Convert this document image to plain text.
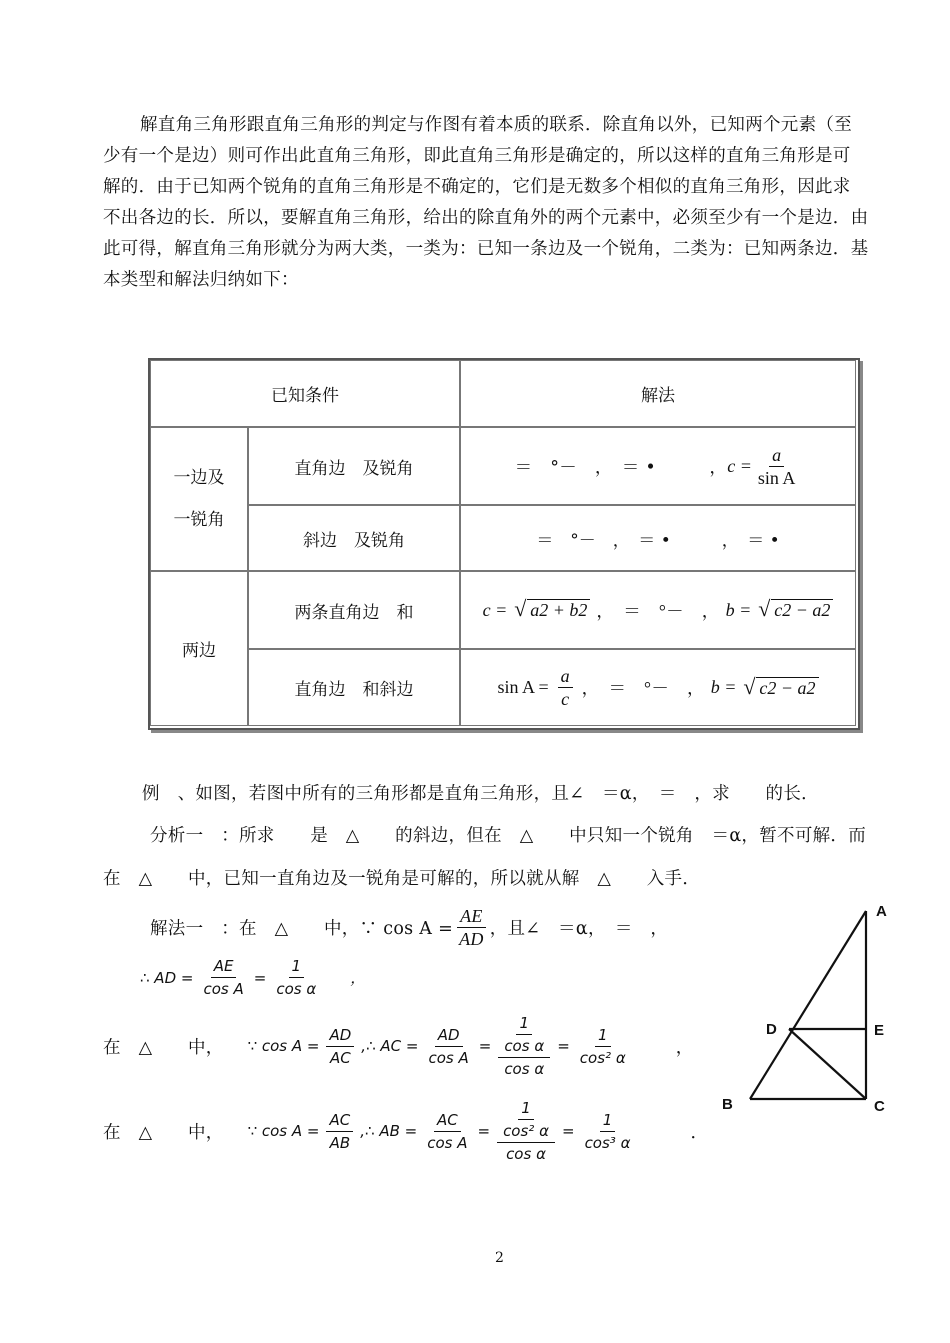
解直角三角形跟直角三角形的判定与作图有着本质的联系．除直角以外，已知两个元素（至
少有一个是边）则可作出此直角三角形，即此直角三角形是确定的，所以这样的直角三角形是可
解的．由于已知两个锐角的直角三角形是不确定的，它们是无数多个相似的直角三角形，因此求
不出各边的长．所以，要解直角三角形，给出的除直角外的两个元素中，必须至少有一个是边．由
此可得，解直角三角形就分为两大类，一类为：已知一条边及一个锐角，二类为：已知两条边．基
本类型和解法归纳如下：
已知条件	解法
一边及
一锐角
直角边　及锐角	＝　°－　，　＝ •　　　， $c = \frac{a}{\text{sin A}}$
斜边　及锐角	＝　°－　，　＝ •　　　，　＝ •
两边
两条直角边　和	c = √ a2 + b2 ，　＝　°－　， b = √ c2 − a2
直角边　和斜边	$\sin A = \frac{a}{c}$ ，　＝　°－　， b = √ c2 − a2
例　、如图，若图中所有的三角形都是直角三角形，且∠　＝α，　＝　，求　　的长．
分析一　：所求　　是　△　　的斜边，但在　△　　中只知一个锐角　＝α，暂不可解．而
在　△　　中，已知一直角边及一锐角是可解的，所以就从解　△　　入手．
解法一　：在　△　　中，∵ $\cos A = \frac{AE}{AD}$ ，且∠　＝α，　＝　，
∴ AD = $\frac{AE}{\text{cos A}} = \frac{1}{\text{cos α}}$ ，
在　△　　中， ∵ $\cos A = \frac{AD}{AC}$ ,∴ AC = $\frac{AD}{\text{cos A}} = \frac{\frac{1}{\text{cos α}}}{\text{cos α}} = \frac{1}{\text{cos² α}}$	，
在　△　　中， ∵ $\cos A = \frac{AC}{AB}$ ,∴ AB = $\frac{AC}{\text{cos A}} = \frac{\frac{1}{\text{cos² α}}}{\text{cos α}} = \frac{1}{\text{cos³ α}}$	．
A
B	C
D	E
2
